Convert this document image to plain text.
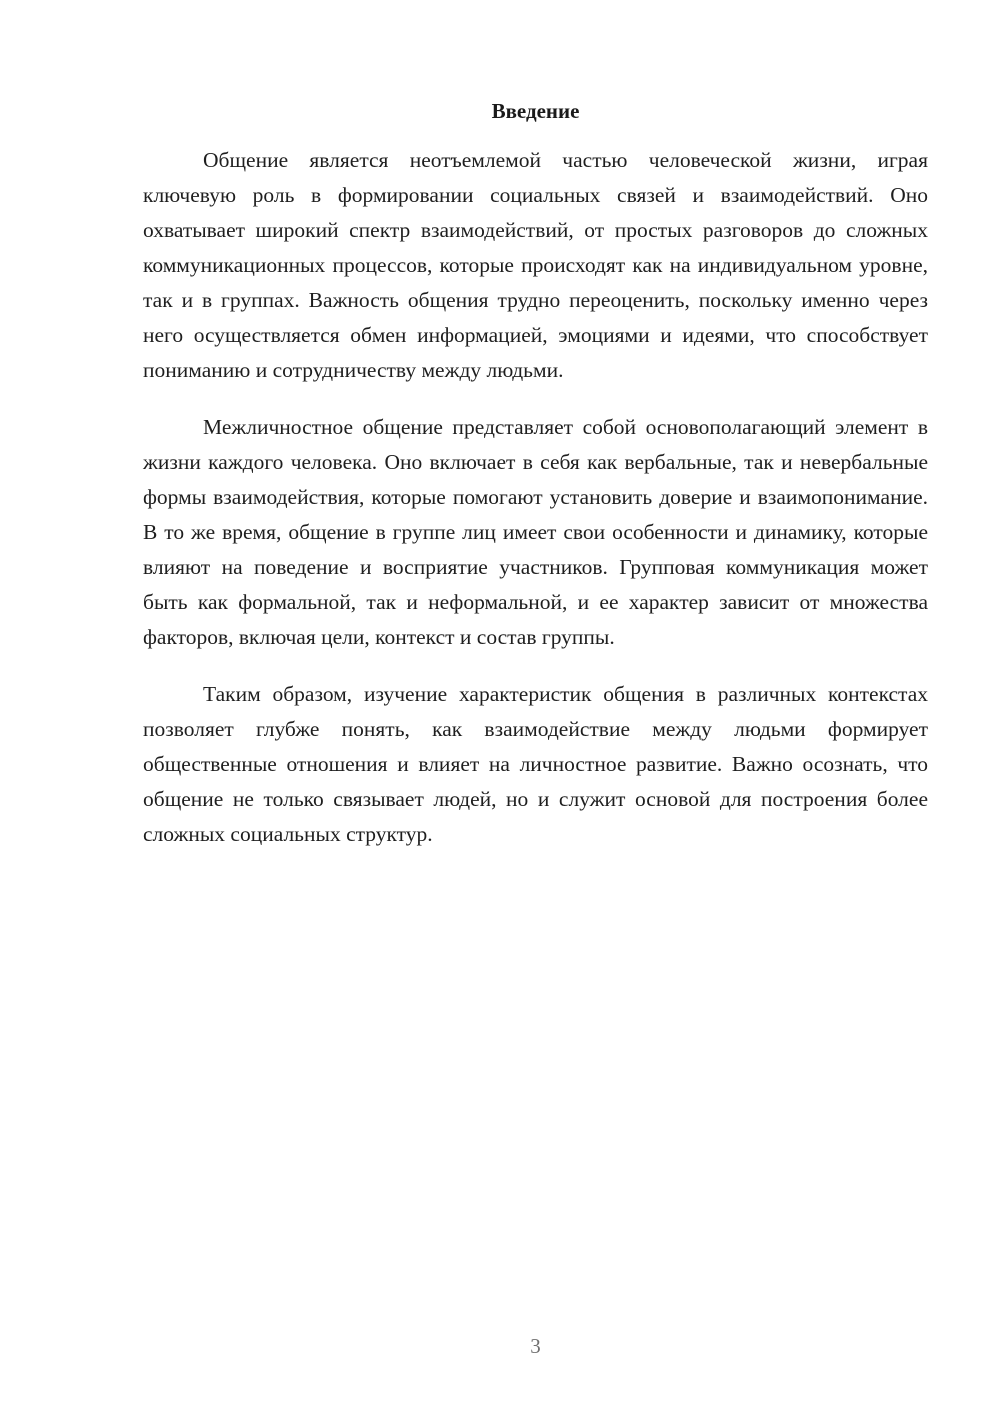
Введение

Общение является неотъемлемой частью человеческой жизни, играя ключевую роль в формировании социальных связей и взаимодействий. Оно охватывает широкий спектр взаимодействий, от простых разговоров до сложных коммуникационных процессов, которые происходят как на индивидуальном уровне, так и в группах. Важность общения трудно переоценить, поскольку именно через него осуществляется обмен информацией, эмоциями и идеями, что способствует пониманию и сотрудничеству между людьми.

Межличностное общение представляет собой основополагающий элемент в жизни каждого человека. Оно включает в себя как вербальные, так и невербальные формы взаимодействия, которые помогают установить доверие и взаимопонимание. В то же время, общение в группе лиц имеет свои особенности и динамику, которые влияют на поведение и восприятие участников. Групповая коммуникация может быть как формальной, так и неформальной, и ее характер зависит от множества факторов, включая цели, контекст и состав группы.

Таким образом, изучение характеристик общения в различных контекстах позволяет глубже понять, как взаимодействие между людьми формирует общественные отношения и влияет на личностное развитие. Важно осознать, что общение не только связывает людей, но и служит основой для построения более сложных социальных структур.

3
